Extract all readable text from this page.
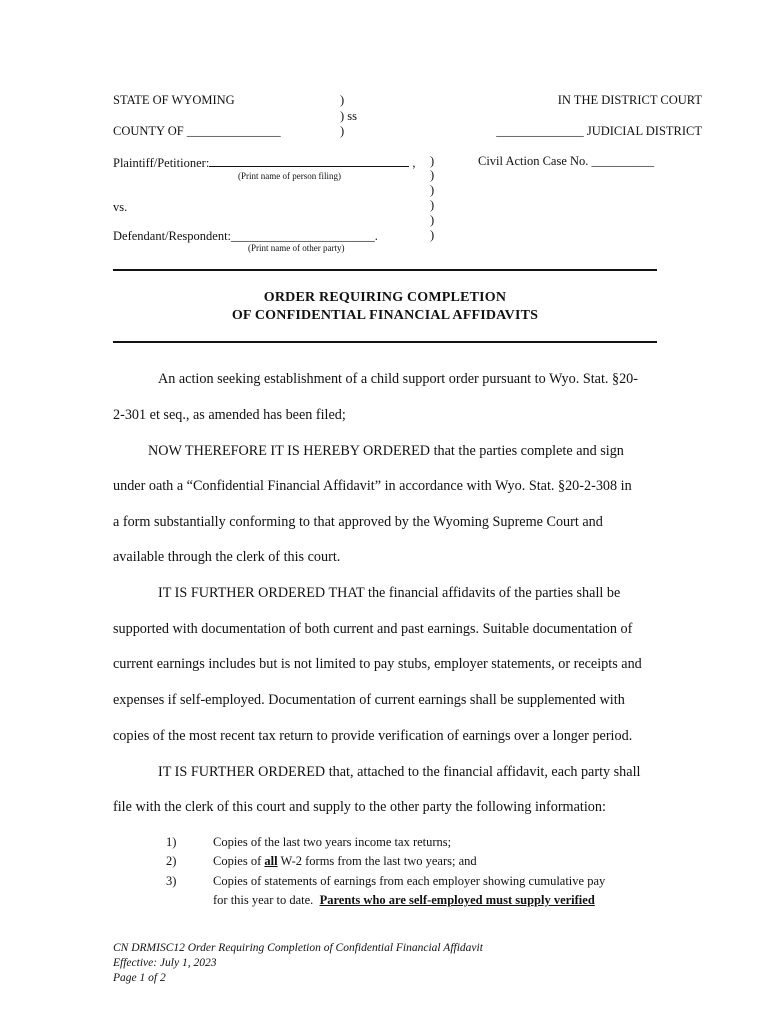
STATE OF WYOMING	)
) ss
)
COUNTY OF _______________
IN THE DISTRICT COURT
______________ JUDICIAL DISTRICT
Plaintiff/Petitioner:	,
(Print name of person filing)
vs.
Defendant/Respondent:_______________________.
(Print name of other party)
Civil Action Case No. __________
)
)
)
)
)
)
ORDER REQUIRING COMPLETION
OF CONFIDENTIAL FINANCIAL AFFIDAVITS
An action seeking establishment of a child support order pursuant to Wyo. Stat. §20-
2-301 et seq., as amended has been filed;
NOW THEREFORE IT IS HEREBY ORDERED that the parties complete and sign
under oath a “Confidential Financial Affidavit” in accordance with Wyo. Stat. §20-2-308 in
a form substantially conforming to that approved by the Wyoming Supreme Court and
available through the clerk of this court.
IT IS FURTHER ORDERED THAT the financial affidavits of the parties shall be
supported with documentation of both current and past earnings. Suitable documentation of
current earnings includes but is not limited to pay stubs, employer statements, or receipts and
expenses if self-employed. Documentation of current earnings shall be supplemented with
copies of the most recent tax return to provide verification of earnings over a longer period.
IT IS FURTHER ORDERED that, attached to the financial affidavit, each party shall
file with the clerk of this court and supply to the other party the following information:
1)	Copies of the last two years income tax returns;
2)	Copies of all W-2 forms from the last two years; and
3)	Copies of statements of earnings from each employer showing cumulative pay
for this year to date.  Parents who are self-employed must supply verified
CN DRMISC12 Order Requiring Completion of Confidential Financial Affidavit
Effective: July 1, 2023
Page 1 of 2
